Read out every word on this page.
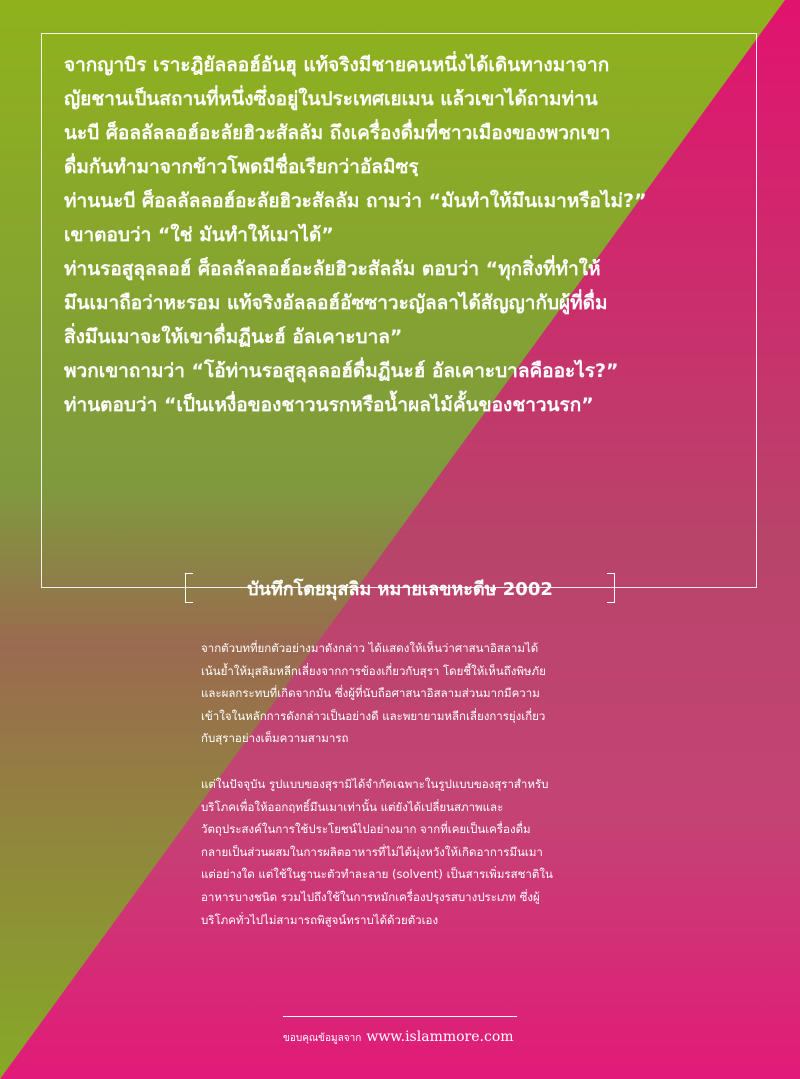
จากญาบิร เราะฎิยัลลอฮ์อันฮุ แท้จริงมีชายคนหนึ่งได้เดินทางมาจาก
ญัยชานเป็นสถานที่หนึ่งซึ่งอยู่ในประเทศเยเมน แล้วเขาได้ถามท่าน
นะบี ศ็อลลัลลอฮ์อะลัยฮิวะสัลลัม ถึงเครื่องดื่มที่ชาวเมืองของพวกเขา
ดื่มกันทำมาจากข้าวโพดมีชื่อเรียกว่าอัลมิซรฺ
ท่านนะบี ศ็อลลัลลอฮ์อะลัยฮิวะสัลลัม ถามว่า “มันทำให้มึนเมาหรือไม่?”
เขาตอบว่า “ใช่ มันทำให้เมาได้”
ท่านรอสูลุลลอฮ์ ศ็อลลัลลอฮ์อะลัยฮิวะสัลลัม ตอบว่า “ทุกสิ่งที่ทำให้
มึนเมาถือว่าหะรอม แท้จริงอัลลอฮ์อัซซาวะญัลลาได้สัญญากับผู้ที่ดื่ม
สิ่งมึนเมาจะให้เขาดื่มฏีนะฮ์ อัลเคาะบาล”
พวกเขาถามว่า “โอ้ท่านรอสูลุลลอฮ์ดื่มฏีนะฮ์ อัลเคาะบาลคืออะไร?”
ท่านตอบว่า “เป็นเหงื่อของชาวนรกหรือน้ำผลไม้คั้นของชาวนรก”
บันทึกโดยมุสลิม หมายเลขหะดีษ 2002
จากตัวบทที่ยกตัวอย่างมาดังกล่าว ได้แสดงให้เห็นว่าศาสนาอิสลามได้
เน้นย้ำให้มุสลิมหลีกเลี่ยงจากการข้องเกี่ยวกับสุรา โดยชี้ให้เห็นถึงพิษภัย
และผลกระทบที่เกิดจากมัน ซึ่งผู้ที่นับถือศาสนาอิสลามส่วนมากมีความ
เข้าใจในหลักการดังกล่าวเป็นอย่างดี และพยายามหลีกเลี่ยงการยุ่งเกี่ยว
กับสุราอย่างเต็มความสามารถ
แต่ในปัจจุบัน รูปแบบของสุรามิได้จำกัดเฉพาะในรูปแบบของสุราสำหรับ
บริโภคเพื่อให้ออกฤทธิ์มึนเมาเท่านั้น แต่ยังได้เปลี่ยนสภาพและ
วัตถุประสงค์ในการใช้ประโยชน์ไปอย่างมาก จากที่เคยเป็นเครื่องดื่ม
กลายเป็นส่วนผสมในการผลิตอาหารที่ไม่ได้มุ่งหวังให้เกิดอาการมึนเมา
แต่อย่างใด แต่ใช้ในฐานะตัวทำละลาย (solvent) เป็นสารเพิ่มรสชาติใน
อาหารบางชนิด รวมไปถึงใช้ในการหมักเครื่องปรุงรสบางประเภท ซึ่งผู้
บริโภคทั่วไปไม่สามารถพิสูจน์ทราบได้ด้วยตัวเอง
ขอบคุณข้อมูลจาก www.islammore.com
